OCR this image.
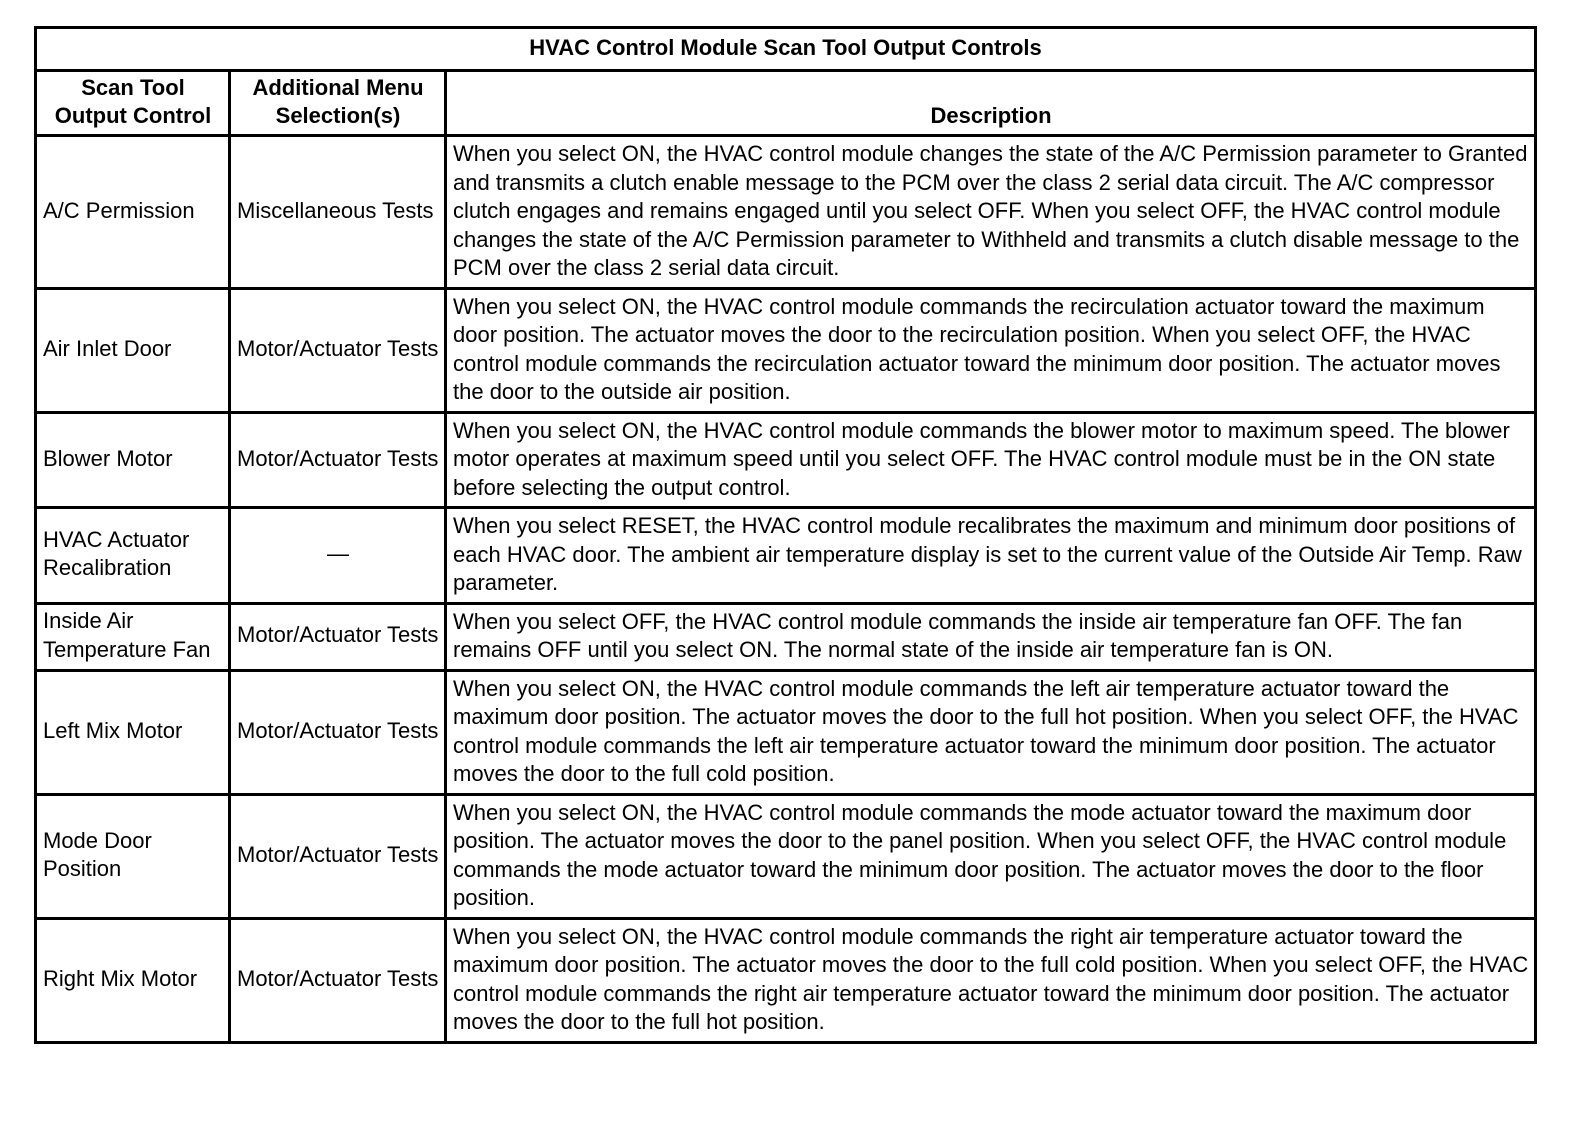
HVAC Control Module Scan Tool Output Controls		
Scan Tool Output Control	Additional Menu Selection(s)	Description
A/C Permission	Miscellaneous Tests	When you select ON, the HVAC control module changes the state of the A/C Permission parameter to Granted and transmits a clutch enable message to the PCM over the class 2 serial data circuit. The A/C compressor clutch engages and remains engaged until you select OFF. When you select OFF, the HVAC control module changes the state of the A/C Permission parameter to Withheld and transmits a clutch disable message to the PCM over the class 2 serial data circuit.
Air Inlet Door	Motor/Actuator Tests	When you select ON, the HVAC control module commands the recirculation actuator toward the maximum door position. The actuator moves the door to the recirculation position. When you select OFF, the HVAC control module commands the recirculation actuator toward the minimum door position. The actuator moves the door to the outside air position.
Blower Motor	Motor/Actuator Tests	When you select ON, the HVAC control module commands the blower motor to maximum speed. The blower motor operates at maximum speed until you select OFF. The HVAC control module must be in the ON state before selecting the output control.
HVAC Actuator Recalibration	—	When you select RESET, the HVAC control module recalibrates the maximum and minimum door positions of each HVAC door. The ambient air temperature display is set to the current value of the Outside Air Temp. Raw parameter.
Inside Air Temperature Fan	Motor/Actuator Tests	When you select OFF, the HVAC control module commands the inside air temperature fan OFF. The fan remains OFF until you select ON. The normal state of the inside air temperature fan is ON.
Left Mix Motor	Motor/Actuator Tests	When you select ON, the HVAC control module commands the left air temperature actuator toward the maximum door position. The actuator moves the door to the full hot position. When you select OFF, the HVAC control module commands the left air temperature actuator toward the minimum door position. The actuator moves the door to the full cold position.
Mode Door Position	Motor/Actuator Tests	When you select ON, the HVAC control module commands the mode actuator toward the maximum door position. The actuator moves the door to the panel position. When you select OFF, the HVAC control module commands the mode actuator toward the minimum door position. The actuator moves the door to the floor position.
Right Mix Motor	Motor/Actuator Tests	When you select ON, the HVAC control module commands the right air temperature actuator toward the maximum door position. The actuator moves the door to the full cold position. When you select OFF, the HVAC control module commands the right air temperature actuator toward the minimum door position. The actuator moves the door to the full hot position.
